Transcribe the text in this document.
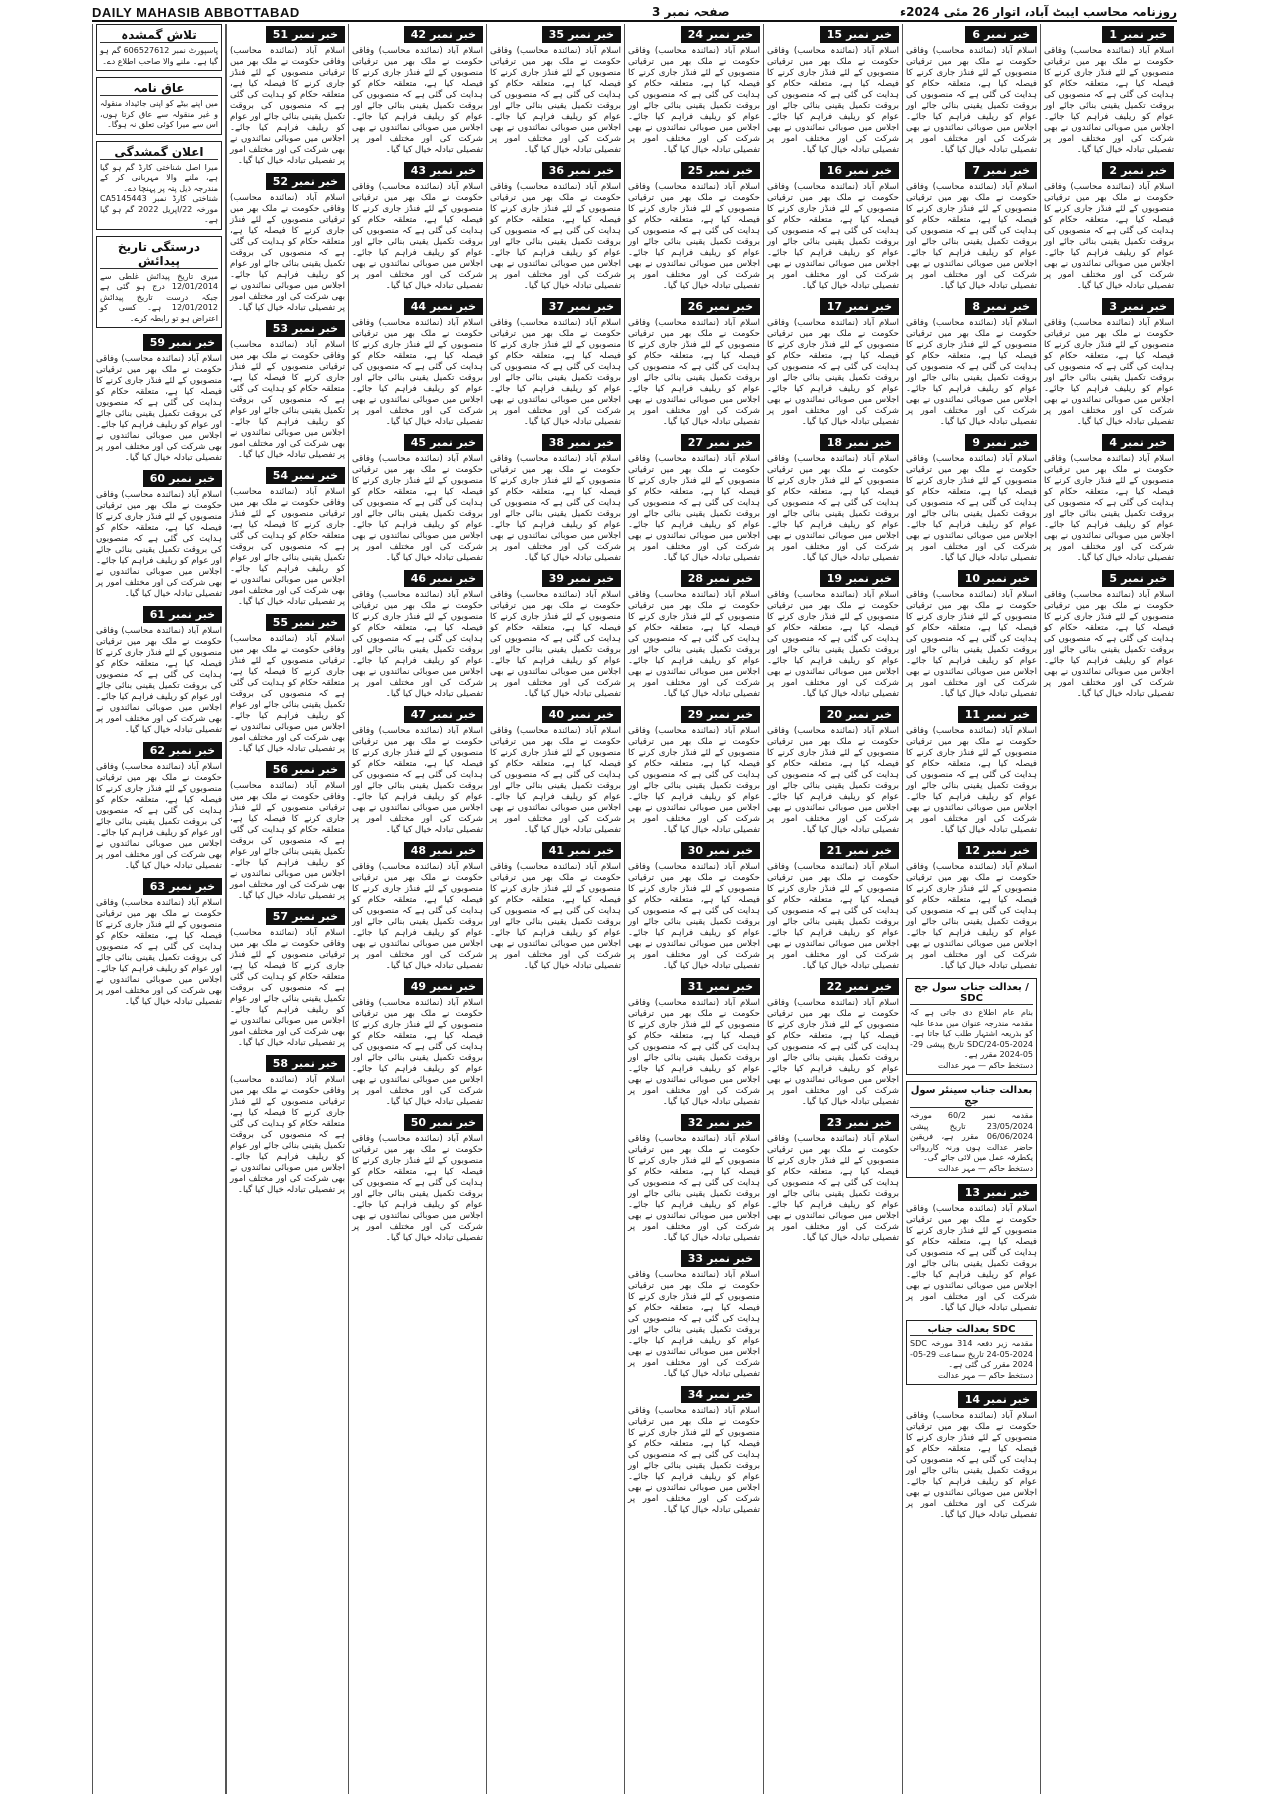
DAILY MAHASIB ABBOTTABAD	صفحہ نمبر 3	روزنامہ محاسب ایبٹ آباد، اتوار 26 مئی 2024ء
خبر نمبر
1
اسلام آباد (نمائندہ محاسب) وفاقی حکومت نے ملک بھر میں ترقیاتی منصوبوں کے لئے فنڈز جاری کرنے کا فیصلہ کیا ہے، متعلقہ حکام کو ہدایت کی گئی ہے کہ منصوبوں کی بروقت تکمیل یقینی بنائی جائے اور عوام کو ریلیف فراہم کیا جائے۔ اجلاس میں صوبائی نمائندوں نے بھی شرکت کی اور مختلف امور پر تفصیلی تبادلہ خیال کیا گیا۔
خبر نمبر
2
اسلام آباد (نمائندہ محاسب) وفاقی حکومت نے ملک بھر میں ترقیاتی منصوبوں کے لئے فنڈز جاری کرنے کا فیصلہ کیا ہے، متعلقہ حکام کو ہدایت کی گئی ہے کہ منصوبوں کی بروقت تکمیل یقینی بنائی جائے اور عوام کو ریلیف فراہم کیا جائے۔ اجلاس میں صوبائی نمائندوں نے بھی شرکت کی اور مختلف امور پر تفصیلی تبادلہ خیال کیا گیا۔
خبر نمبر
3
اسلام آباد (نمائندہ محاسب) وفاقی حکومت نے ملک بھر میں ترقیاتی منصوبوں کے لئے فنڈز جاری کرنے کا فیصلہ کیا ہے، متعلقہ حکام کو ہدایت کی گئی ہے کہ منصوبوں کی بروقت تکمیل یقینی بنائی جائے اور عوام کو ریلیف فراہم کیا جائے۔ اجلاس میں صوبائی نمائندوں نے بھی شرکت کی اور مختلف امور پر تفصیلی تبادلہ خیال کیا گیا۔
خبر نمبر
4
اسلام آباد (نمائندہ محاسب) وفاقی حکومت نے ملک بھر میں ترقیاتی منصوبوں کے لئے فنڈز جاری کرنے کا فیصلہ کیا ہے، متعلقہ حکام کو ہدایت کی گئی ہے کہ منصوبوں کی بروقت تکمیل یقینی بنائی جائے اور عوام کو ریلیف فراہم کیا جائے۔ اجلاس میں صوبائی نمائندوں نے بھی شرکت کی اور مختلف امور پر تفصیلی تبادلہ خیال کیا گیا۔
خبر نمبر
5
اسلام آباد (نمائندہ محاسب) وفاقی حکومت نے ملک بھر میں ترقیاتی منصوبوں کے لئے فنڈز جاری کرنے کا فیصلہ کیا ہے، متعلقہ حکام کو ہدایت کی گئی ہے کہ منصوبوں کی بروقت تکمیل یقینی بنائی جائے اور عوام کو ریلیف فراہم کیا جائے۔ اجلاس میں صوبائی نمائندوں نے بھی شرکت کی اور مختلف امور پر تفصیلی تبادلہ خیال کیا گیا۔
خبر نمبر
6
اسلام آباد (نمائندہ محاسب) وفاقی حکومت نے ملک بھر میں ترقیاتی منصوبوں کے لئے فنڈز جاری کرنے کا فیصلہ کیا ہے، متعلقہ حکام کو ہدایت کی گئی ہے کہ منصوبوں کی بروقت تکمیل یقینی بنائی جائے اور عوام کو ریلیف فراہم کیا جائے۔ اجلاس میں صوبائی نمائندوں نے بھی شرکت کی اور مختلف امور پر تفصیلی تبادلہ خیال کیا گیا۔
خبر نمبر
7
اسلام آباد (نمائندہ محاسب) وفاقی حکومت نے ملک بھر میں ترقیاتی منصوبوں کے لئے فنڈز جاری کرنے کا فیصلہ کیا ہے، متعلقہ حکام کو ہدایت کی گئی ہے کہ منصوبوں کی بروقت تکمیل یقینی بنائی جائے اور عوام کو ریلیف فراہم کیا جائے۔ اجلاس میں صوبائی نمائندوں نے بھی شرکت کی اور مختلف امور پر تفصیلی تبادلہ خیال کیا گیا۔
خبر نمبر
8
اسلام آباد (نمائندہ محاسب) وفاقی حکومت نے ملک بھر میں ترقیاتی منصوبوں کے لئے فنڈز جاری کرنے کا فیصلہ کیا ہے، متعلقہ حکام کو ہدایت کی گئی ہے کہ منصوبوں کی بروقت تکمیل یقینی بنائی جائے اور عوام کو ریلیف فراہم کیا جائے۔ اجلاس میں صوبائی نمائندوں نے بھی شرکت کی اور مختلف امور پر تفصیلی تبادلہ خیال کیا گیا۔
خبر نمبر
9
اسلام آباد (نمائندہ محاسب) وفاقی حکومت نے ملک بھر میں ترقیاتی منصوبوں کے لئے فنڈز جاری کرنے کا فیصلہ کیا ہے، متعلقہ حکام کو ہدایت کی گئی ہے کہ منصوبوں کی بروقت تکمیل یقینی بنائی جائے اور عوام کو ریلیف فراہم کیا جائے۔ اجلاس میں صوبائی نمائندوں نے بھی شرکت کی اور مختلف امور پر تفصیلی تبادلہ خیال کیا گیا۔
خبر نمبر
10
اسلام آباد (نمائندہ محاسب) وفاقی حکومت نے ملک بھر میں ترقیاتی منصوبوں کے لئے فنڈز جاری کرنے کا فیصلہ کیا ہے، متعلقہ حکام کو ہدایت کی گئی ہے کہ منصوبوں کی بروقت تکمیل یقینی بنائی جائے اور عوام کو ریلیف فراہم کیا جائے۔ اجلاس میں صوبائی نمائندوں نے بھی شرکت کی اور مختلف امور پر تفصیلی تبادلہ خیال کیا گیا۔
خبر نمبر
11
اسلام آباد (نمائندہ محاسب) وفاقی حکومت نے ملک بھر میں ترقیاتی منصوبوں کے لئے فنڈز جاری کرنے کا فیصلہ کیا ہے، متعلقہ حکام کو ہدایت کی گئی ہے کہ منصوبوں کی بروقت تکمیل یقینی بنائی جائے اور عوام کو ریلیف فراہم کیا جائے۔ اجلاس میں صوبائی نمائندوں نے بھی شرکت کی اور مختلف امور پر تفصیلی تبادلہ خیال کیا گیا۔
خبر نمبر
12
اسلام آباد (نمائندہ محاسب) وفاقی حکومت نے ملک بھر میں ترقیاتی منصوبوں کے لئے فنڈز جاری کرنے کا فیصلہ کیا ہے، متعلقہ حکام کو ہدایت کی گئی ہے کہ منصوبوں کی بروقت تکمیل یقینی بنائی جائے اور عوام کو ریلیف فراہم کیا جائے۔ اجلاس میں صوبائی نمائندوں نے بھی شرکت کی اور مختلف امور پر تفصیلی تبادلہ خیال کیا گیا۔
بعدالت جناب سول جج / SDC
بنام عام اطلاع دی جاتی ہے کہ مقدمہ مندرجہ عنوان میں مدعا علیہ کو بذریعہ اشتہار طلب کیا جاتا ہے۔ SDC/24-05-2024 تاریخ پیشی 29-05-2024 مقرر ہے۔
دستخط حاکم — مہر عدالت
بعدالت جناب سینئر سول جج
مقدمہ نمبر 60/2 مورخہ 23/05/2024 تاریخ پیشی 06/06/2024 مقرر ہے، فریقین حاضر عدالت ہوں ورنہ کارروائی یکطرفہ عمل میں لائی جائے گی۔
دستخط حاکم — مہر عدالت
خبر نمبر
13
اسلام آباد (نمائندہ محاسب) وفاقی حکومت نے ملک بھر میں ترقیاتی منصوبوں کے لئے فنڈز جاری کرنے کا فیصلہ کیا ہے، متعلقہ حکام کو ہدایت کی گئی ہے کہ منصوبوں کی بروقت تکمیل یقینی بنائی جائے اور عوام کو ریلیف فراہم کیا جائے۔ اجلاس میں صوبائی نمائندوں نے بھی شرکت کی اور مختلف امور پر تفصیلی تبادلہ خیال کیا گیا۔
بعدالت جناب SDC
مقدمہ زیر دفعہ 314 مورخہ SDC 24-05-2024 تاریخ سماعت 29-05-2024 مقرر کی گئی ہے۔
دستخط حاکم — مہر عدالت
خبر نمبر
14
اسلام آباد (نمائندہ محاسب) وفاقی حکومت نے ملک بھر میں ترقیاتی منصوبوں کے لئے فنڈز جاری کرنے کا فیصلہ کیا ہے، متعلقہ حکام کو ہدایت کی گئی ہے کہ منصوبوں کی بروقت تکمیل یقینی بنائی جائے اور عوام کو ریلیف فراہم کیا جائے۔ اجلاس میں صوبائی نمائندوں نے بھی شرکت کی اور مختلف امور پر تفصیلی تبادلہ خیال کیا گیا۔
خبر نمبر
15
اسلام آباد (نمائندہ محاسب) وفاقی حکومت نے ملک بھر میں ترقیاتی منصوبوں کے لئے فنڈز جاری کرنے کا فیصلہ کیا ہے، متعلقہ حکام کو ہدایت کی گئی ہے کہ منصوبوں کی بروقت تکمیل یقینی بنائی جائے اور عوام کو ریلیف فراہم کیا جائے۔ اجلاس میں صوبائی نمائندوں نے بھی شرکت کی اور مختلف امور پر تفصیلی تبادلہ خیال کیا گیا۔
خبر نمبر
16
اسلام آباد (نمائندہ محاسب) وفاقی حکومت نے ملک بھر میں ترقیاتی منصوبوں کے لئے فنڈز جاری کرنے کا فیصلہ کیا ہے، متعلقہ حکام کو ہدایت کی گئی ہے کہ منصوبوں کی بروقت تکمیل یقینی بنائی جائے اور عوام کو ریلیف فراہم کیا جائے۔ اجلاس میں صوبائی نمائندوں نے بھی شرکت کی اور مختلف امور پر تفصیلی تبادلہ خیال کیا گیا۔
خبر نمبر
17
اسلام آباد (نمائندہ محاسب) وفاقی حکومت نے ملک بھر میں ترقیاتی منصوبوں کے لئے فنڈز جاری کرنے کا فیصلہ کیا ہے، متعلقہ حکام کو ہدایت کی گئی ہے کہ منصوبوں کی بروقت تکمیل یقینی بنائی جائے اور عوام کو ریلیف فراہم کیا جائے۔ اجلاس میں صوبائی نمائندوں نے بھی شرکت کی اور مختلف امور پر تفصیلی تبادلہ خیال کیا گیا۔
خبر نمبر
18
اسلام آباد (نمائندہ محاسب) وفاقی حکومت نے ملک بھر میں ترقیاتی منصوبوں کے لئے فنڈز جاری کرنے کا فیصلہ کیا ہے، متعلقہ حکام کو ہدایت کی گئی ہے کہ منصوبوں کی بروقت تکمیل یقینی بنائی جائے اور عوام کو ریلیف فراہم کیا جائے۔ اجلاس میں صوبائی نمائندوں نے بھی شرکت کی اور مختلف امور پر تفصیلی تبادلہ خیال کیا گیا۔
خبر نمبر
19
اسلام آباد (نمائندہ محاسب) وفاقی حکومت نے ملک بھر میں ترقیاتی منصوبوں کے لئے فنڈز جاری کرنے کا فیصلہ کیا ہے، متعلقہ حکام کو ہدایت کی گئی ہے کہ منصوبوں کی بروقت تکمیل یقینی بنائی جائے اور عوام کو ریلیف فراہم کیا جائے۔ اجلاس میں صوبائی نمائندوں نے بھی شرکت کی اور مختلف امور پر تفصیلی تبادلہ خیال کیا گیا۔
خبر نمبر
20
اسلام آباد (نمائندہ محاسب) وفاقی حکومت نے ملک بھر میں ترقیاتی منصوبوں کے لئے فنڈز جاری کرنے کا فیصلہ کیا ہے، متعلقہ حکام کو ہدایت کی گئی ہے کہ منصوبوں کی بروقت تکمیل یقینی بنائی جائے اور عوام کو ریلیف فراہم کیا جائے۔ اجلاس میں صوبائی نمائندوں نے بھی شرکت کی اور مختلف امور پر تفصیلی تبادلہ خیال کیا گیا۔
خبر نمبر
21
اسلام آباد (نمائندہ محاسب) وفاقی حکومت نے ملک بھر میں ترقیاتی منصوبوں کے لئے فنڈز جاری کرنے کا فیصلہ کیا ہے، متعلقہ حکام کو ہدایت کی گئی ہے کہ منصوبوں کی بروقت تکمیل یقینی بنائی جائے اور عوام کو ریلیف فراہم کیا جائے۔ اجلاس میں صوبائی نمائندوں نے بھی شرکت کی اور مختلف امور پر تفصیلی تبادلہ خیال کیا گیا۔
خبر نمبر
22
اسلام آباد (نمائندہ محاسب) وفاقی حکومت نے ملک بھر میں ترقیاتی منصوبوں کے لئے فنڈز جاری کرنے کا فیصلہ کیا ہے، متعلقہ حکام کو ہدایت کی گئی ہے کہ منصوبوں کی بروقت تکمیل یقینی بنائی جائے اور عوام کو ریلیف فراہم کیا جائے۔ اجلاس میں صوبائی نمائندوں نے بھی شرکت کی اور مختلف امور پر تفصیلی تبادلہ خیال کیا گیا۔
خبر نمبر
23
اسلام آباد (نمائندہ محاسب) وفاقی حکومت نے ملک بھر میں ترقیاتی منصوبوں کے لئے فنڈز جاری کرنے کا فیصلہ کیا ہے، متعلقہ حکام کو ہدایت کی گئی ہے کہ منصوبوں کی بروقت تکمیل یقینی بنائی جائے اور عوام کو ریلیف فراہم کیا جائے۔ اجلاس میں صوبائی نمائندوں نے بھی شرکت کی اور مختلف امور پر تفصیلی تبادلہ خیال کیا گیا۔
خبر نمبر
24
اسلام آباد (نمائندہ محاسب) وفاقی حکومت نے ملک بھر میں ترقیاتی منصوبوں کے لئے فنڈز جاری کرنے کا فیصلہ کیا ہے، متعلقہ حکام کو ہدایت کی گئی ہے کہ منصوبوں کی بروقت تکمیل یقینی بنائی جائے اور عوام کو ریلیف فراہم کیا جائے۔ اجلاس میں صوبائی نمائندوں نے بھی شرکت کی اور مختلف امور پر تفصیلی تبادلہ خیال کیا گیا۔
خبر نمبر
25
اسلام آباد (نمائندہ محاسب) وفاقی حکومت نے ملک بھر میں ترقیاتی منصوبوں کے لئے فنڈز جاری کرنے کا فیصلہ کیا ہے، متعلقہ حکام کو ہدایت کی گئی ہے کہ منصوبوں کی بروقت تکمیل یقینی بنائی جائے اور عوام کو ریلیف فراہم کیا جائے۔ اجلاس میں صوبائی نمائندوں نے بھی شرکت کی اور مختلف امور پر تفصیلی تبادلہ خیال کیا گیا۔
خبر نمبر
26
اسلام آباد (نمائندہ محاسب) وفاقی حکومت نے ملک بھر میں ترقیاتی منصوبوں کے لئے فنڈز جاری کرنے کا فیصلہ کیا ہے، متعلقہ حکام کو ہدایت کی گئی ہے کہ منصوبوں کی بروقت تکمیل یقینی بنائی جائے اور عوام کو ریلیف فراہم کیا جائے۔ اجلاس میں صوبائی نمائندوں نے بھی شرکت کی اور مختلف امور پر تفصیلی تبادلہ خیال کیا گیا۔
خبر نمبر
27
اسلام آباد (نمائندہ محاسب) وفاقی حکومت نے ملک بھر میں ترقیاتی منصوبوں کے لئے فنڈز جاری کرنے کا فیصلہ کیا ہے، متعلقہ حکام کو ہدایت کی گئی ہے کہ منصوبوں کی بروقت تکمیل یقینی بنائی جائے اور عوام کو ریلیف فراہم کیا جائے۔ اجلاس میں صوبائی نمائندوں نے بھی شرکت کی اور مختلف امور پر تفصیلی تبادلہ خیال کیا گیا۔
خبر نمبر
28
اسلام آباد (نمائندہ محاسب) وفاقی حکومت نے ملک بھر میں ترقیاتی منصوبوں کے لئے فنڈز جاری کرنے کا فیصلہ کیا ہے، متعلقہ حکام کو ہدایت کی گئی ہے کہ منصوبوں کی بروقت تکمیل یقینی بنائی جائے اور عوام کو ریلیف فراہم کیا جائے۔ اجلاس میں صوبائی نمائندوں نے بھی شرکت کی اور مختلف امور پر تفصیلی تبادلہ خیال کیا گیا۔
خبر نمبر
29
اسلام آباد (نمائندہ محاسب) وفاقی حکومت نے ملک بھر میں ترقیاتی منصوبوں کے لئے فنڈز جاری کرنے کا فیصلہ کیا ہے، متعلقہ حکام کو ہدایت کی گئی ہے کہ منصوبوں کی بروقت تکمیل یقینی بنائی جائے اور عوام کو ریلیف فراہم کیا جائے۔ اجلاس میں صوبائی نمائندوں نے بھی شرکت کی اور مختلف امور پر تفصیلی تبادلہ خیال کیا گیا۔
خبر نمبر
30
اسلام آباد (نمائندہ محاسب) وفاقی حکومت نے ملک بھر میں ترقیاتی منصوبوں کے لئے فنڈز جاری کرنے کا فیصلہ کیا ہے، متعلقہ حکام کو ہدایت کی گئی ہے کہ منصوبوں کی بروقت تکمیل یقینی بنائی جائے اور عوام کو ریلیف فراہم کیا جائے۔ اجلاس میں صوبائی نمائندوں نے بھی شرکت کی اور مختلف امور پر تفصیلی تبادلہ خیال کیا گیا۔
خبر نمبر
31
اسلام آباد (نمائندہ محاسب) وفاقی حکومت نے ملک بھر میں ترقیاتی منصوبوں کے لئے فنڈز جاری کرنے کا فیصلہ کیا ہے، متعلقہ حکام کو ہدایت کی گئی ہے کہ منصوبوں کی بروقت تکمیل یقینی بنائی جائے اور عوام کو ریلیف فراہم کیا جائے۔ اجلاس میں صوبائی نمائندوں نے بھی شرکت کی اور مختلف امور پر تفصیلی تبادلہ خیال کیا گیا۔
خبر نمبر
32
اسلام آباد (نمائندہ محاسب) وفاقی حکومت نے ملک بھر میں ترقیاتی منصوبوں کے لئے فنڈز جاری کرنے کا فیصلہ کیا ہے، متعلقہ حکام کو ہدایت کی گئی ہے کہ منصوبوں کی بروقت تکمیل یقینی بنائی جائے اور عوام کو ریلیف فراہم کیا جائے۔ اجلاس میں صوبائی نمائندوں نے بھی شرکت کی اور مختلف امور پر تفصیلی تبادلہ خیال کیا گیا۔
خبر نمبر
33
اسلام آباد (نمائندہ محاسب) وفاقی حکومت نے ملک بھر میں ترقیاتی منصوبوں کے لئے فنڈز جاری کرنے کا فیصلہ کیا ہے، متعلقہ حکام کو ہدایت کی گئی ہے کہ منصوبوں کی بروقت تکمیل یقینی بنائی جائے اور عوام کو ریلیف فراہم کیا جائے۔ اجلاس میں صوبائی نمائندوں نے بھی شرکت کی اور مختلف امور پر تفصیلی تبادلہ خیال کیا گیا۔
خبر نمبر
34
اسلام آباد (نمائندہ محاسب) وفاقی حکومت نے ملک بھر میں ترقیاتی منصوبوں کے لئے فنڈز جاری کرنے کا فیصلہ کیا ہے، متعلقہ حکام کو ہدایت کی گئی ہے کہ منصوبوں کی بروقت تکمیل یقینی بنائی جائے اور عوام کو ریلیف فراہم کیا جائے۔ اجلاس میں صوبائی نمائندوں نے بھی شرکت کی اور مختلف امور پر تفصیلی تبادلہ خیال کیا گیا۔
خبر نمبر
35
اسلام آباد (نمائندہ محاسب) وفاقی حکومت نے ملک بھر میں ترقیاتی منصوبوں کے لئے فنڈز جاری کرنے کا فیصلہ کیا ہے، متعلقہ حکام کو ہدایت کی گئی ہے کہ منصوبوں کی بروقت تکمیل یقینی بنائی جائے اور عوام کو ریلیف فراہم کیا جائے۔ اجلاس میں صوبائی نمائندوں نے بھی شرکت کی اور مختلف امور پر تفصیلی تبادلہ خیال کیا گیا۔
خبر نمبر
36
اسلام آباد (نمائندہ محاسب) وفاقی حکومت نے ملک بھر میں ترقیاتی منصوبوں کے لئے فنڈز جاری کرنے کا فیصلہ کیا ہے، متعلقہ حکام کو ہدایت کی گئی ہے کہ منصوبوں کی بروقت تکمیل یقینی بنائی جائے اور عوام کو ریلیف فراہم کیا جائے۔ اجلاس میں صوبائی نمائندوں نے بھی شرکت کی اور مختلف امور پر تفصیلی تبادلہ خیال کیا گیا۔
خبر نمبر
37
اسلام آباد (نمائندہ محاسب) وفاقی حکومت نے ملک بھر میں ترقیاتی منصوبوں کے لئے فنڈز جاری کرنے کا فیصلہ کیا ہے، متعلقہ حکام کو ہدایت کی گئی ہے کہ منصوبوں کی بروقت تکمیل یقینی بنائی جائے اور عوام کو ریلیف فراہم کیا جائے۔ اجلاس میں صوبائی نمائندوں نے بھی شرکت کی اور مختلف امور پر تفصیلی تبادلہ خیال کیا گیا۔
خبر نمبر
38
اسلام آباد (نمائندہ محاسب) وفاقی حکومت نے ملک بھر میں ترقیاتی منصوبوں کے لئے فنڈز جاری کرنے کا فیصلہ کیا ہے، متعلقہ حکام کو ہدایت کی گئی ہے کہ منصوبوں کی بروقت تکمیل یقینی بنائی جائے اور عوام کو ریلیف فراہم کیا جائے۔ اجلاس میں صوبائی نمائندوں نے بھی شرکت کی اور مختلف امور پر تفصیلی تبادلہ خیال کیا گیا۔
خبر نمبر
39
اسلام آباد (نمائندہ محاسب) وفاقی حکومت نے ملک بھر میں ترقیاتی منصوبوں کے لئے فنڈز جاری کرنے کا فیصلہ کیا ہے، متعلقہ حکام کو ہدایت کی گئی ہے کہ منصوبوں کی بروقت تکمیل یقینی بنائی جائے اور عوام کو ریلیف فراہم کیا جائے۔ اجلاس میں صوبائی نمائندوں نے بھی شرکت کی اور مختلف امور پر تفصیلی تبادلہ خیال کیا گیا۔
خبر نمبر
40
اسلام آباد (نمائندہ محاسب) وفاقی حکومت نے ملک بھر میں ترقیاتی منصوبوں کے لئے فنڈز جاری کرنے کا فیصلہ کیا ہے، متعلقہ حکام کو ہدایت کی گئی ہے کہ منصوبوں کی بروقت تکمیل یقینی بنائی جائے اور عوام کو ریلیف فراہم کیا جائے۔ اجلاس میں صوبائی نمائندوں نے بھی شرکت کی اور مختلف امور پر تفصیلی تبادلہ خیال کیا گیا۔
خبر نمبر
41
اسلام آباد (نمائندہ محاسب) وفاقی حکومت نے ملک بھر میں ترقیاتی منصوبوں کے لئے فنڈز جاری کرنے کا فیصلہ کیا ہے، متعلقہ حکام کو ہدایت کی گئی ہے کہ منصوبوں کی بروقت تکمیل یقینی بنائی جائے اور عوام کو ریلیف فراہم کیا جائے۔ اجلاس میں صوبائی نمائندوں نے بھی شرکت کی اور مختلف امور پر تفصیلی تبادلہ خیال کیا گیا۔
خبر نمبر
42
اسلام آباد (نمائندہ محاسب) وفاقی حکومت نے ملک بھر میں ترقیاتی منصوبوں کے لئے فنڈز جاری کرنے کا فیصلہ کیا ہے، متعلقہ حکام کو ہدایت کی گئی ہے کہ منصوبوں کی بروقت تکمیل یقینی بنائی جائے اور عوام کو ریلیف فراہم کیا جائے۔ اجلاس میں صوبائی نمائندوں نے بھی شرکت کی اور مختلف امور پر تفصیلی تبادلہ خیال کیا گیا۔
خبر نمبر
43
اسلام آباد (نمائندہ محاسب) وفاقی حکومت نے ملک بھر میں ترقیاتی منصوبوں کے لئے فنڈز جاری کرنے کا فیصلہ کیا ہے، متعلقہ حکام کو ہدایت کی گئی ہے کہ منصوبوں کی بروقت تکمیل یقینی بنائی جائے اور عوام کو ریلیف فراہم کیا جائے۔ اجلاس میں صوبائی نمائندوں نے بھی شرکت کی اور مختلف امور پر تفصیلی تبادلہ خیال کیا گیا۔
خبر نمبر
44
اسلام آباد (نمائندہ محاسب) وفاقی حکومت نے ملک بھر میں ترقیاتی منصوبوں کے لئے فنڈز جاری کرنے کا فیصلہ کیا ہے، متعلقہ حکام کو ہدایت کی گئی ہے کہ منصوبوں کی بروقت تکمیل یقینی بنائی جائے اور عوام کو ریلیف فراہم کیا جائے۔ اجلاس میں صوبائی نمائندوں نے بھی شرکت کی اور مختلف امور پر تفصیلی تبادلہ خیال کیا گیا۔
خبر نمبر
45
اسلام آباد (نمائندہ محاسب) وفاقی حکومت نے ملک بھر میں ترقیاتی منصوبوں کے لئے فنڈز جاری کرنے کا فیصلہ کیا ہے، متعلقہ حکام کو ہدایت کی گئی ہے کہ منصوبوں کی بروقت تکمیل یقینی بنائی جائے اور عوام کو ریلیف فراہم کیا جائے۔ اجلاس میں صوبائی نمائندوں نے بھی شرکت کی اور مختلف امور پر تفصیلی تبادلہ خیال کیا گیا۔
خبر نمبر
46
اسلام آباد (نمائندہ محاسب) وفاقی حکومت نے ملک بھر میں ترقیاتی منصوبوں کے لئے فنڈز جاری کرنے کا فیصلہ کیا ہے، متعلقہ حکام کو ہدایت کی گئی ہے کہ منصوبوں کی بروقت تکمیل یقینی بنائی جائے اور عوام کو ریلیف فراہم کیا جائے۔ اجلاس میں صوبائی نمائندوں نے بھی شرکت کی اور مختلف امور پر تفصیلی تبادلہ خیال کیا گیا۔
خبر نمبر
47
اسلام آباد (نمائندہ محاسب) وفاقی حکومت نے ملک بھر میں ترقیاتی منصوبوں کے لئے فنڈز جاری کرنے کا فیصلہ کیا ہے، متعلقہ حکام کو ہدایت کی گئی ہے کہ منصوبوں کی بروقت تکمیل یقینی بنائی جائے اور عوام کو ریلیف فراہم کیا جائے۔ اجلاس میں صوبائی نمائندوں نے بھی شرکت کی اور مختلف امور پر تفصیلی تبادلہ خیال کیا گیا۔
خبر نمبر
48
اسلام آباد (نمائندہ محاسب) وفاقی حکومت نے ملک بھر میں ترقیاتی منصوبوں کے لئے فنڈز جاری کرنے کا فیصلہ کیا ہے، متعلقہ حکام کو ہدایت کی گئی ہے کہ منصوبوں کی بروقت تکمیل یقینی بنائی جائے اور عوام کو ریلیف فراہم کیا جائے۔ اجلاس میں صوبائی نمائندوں نے بھی شرکت کی اور مختلف امور پر تفصیلی تبادلہ خیال کیا گیا۔
خبر نمبر
49
اسلام آباد (نمائندہ محاسب) وفاقی حکومت نے ملک بھر میں ترقیاتی منصوبوں کے لئے فنڈز جاری کرنے کا فیصلہ کیا ہے، متعلقہ حکام کو ہدایت کی گئی ہے کہ منصوبوں کی بروقت تکمیل یقینی بنائی جائے اور عوام کو ریلیف فراہم کیا جائے۔ اجلاس میں صوبائی نمائندوں نے بھی شرکت کی اور مختلف امور پر تفصیلی تبادلہ خیال کیا گیا۔
خبر نمبر
50
اسلام آباد (نمائندہ محاسب) وفاقی حکومت نے ملک بھر میں ترقیاتی منصوبوں کے لئے فنڈز جاری کرنے کا فیصلہ کیا ہے، متعلقہ حکام کو ہدایت کی گئی ہے کہ منصوبوں کی بروقت تکمیل یقینی بنائی جائے اور عوام کو ریلیف فراہم کیا جائے۔ اجلاس میں صوبائی نمائندوں نے بھی شرکت کی اور مختلف امور پر تفصیلی تبادلہ خیال کیا گیا۔
خبر نمبر
51
اسلام آباد (نمائندہ محاسب) وفاقی حکومت نے ملک بھر میں ترقیاتی منصوبوں کے لئے فنڈز جاری کرنے کا فیصلہ کیا ہے، متعلقہ حکام کو ہدایت کی گئی ہے کہ منصوبوں کی بروقت تکمیل یقینی بنائی جائے اور عوام کو ریلیف فراہم کیا جائے۔ اجلاس میں صوبائی نمائندوں نے بھی شرکت کی اور مختلف امور پر تفصیلی تبادلہ خیال کیا گیا۔
خبر نمبر
52
اسلام آباد (نمائندہ محاسب) وفاقی حکومت نے ملک بھر میں ترقیاتی منصوبوں کے لئے فنڈز جاری کرنے کا فیصلہ کیا ہے، متعلقہ حکام کو ہدایت کی گئی ہے کہ منصوبوں کی بروقت تکمیل یقینی بنائی جائے اور عوام کو ریلیف فراہم کیا جائے۔ اجلاس میں صوبائی نمائندوں نے بھی شرکت کی اور مختلف امور پر تفصیلی تبادلہ خیال کیا گیا۔
خبر نمبر
53
اسلام آباد (نمائندہ محاسب) وفاقی حکومت نے ملک بھر میں ترقیاتی منصوبوں کے لئے فنڈز جاری کرنے کا فیصلہ کیا ہے، متعلقہ حکام کو ہدایت کی گئی ہے کہ منصوبوں کی بروقت تکمیل یقینی بنائی جائے اور عوام کو ریلیف فراہم کیا جائے۔ اجلاس میں صوبائی نمائندوں نے بھی شرکت کی اور مختلف امور پر تفصیلی تبادلہ خیال کیا گیا۔
خبر نمبر
54
اسلام آباد (نمائندہ محاسب) وفاقی حکومت نے ملک بھر میں ترقیاتی منصوبوں کے لئے فنڈز جاری کرنے کا فیصلہ کیا ہے، متعلقہ حکام کو ہدایت کی گئی ہے کہ منصوبوں کی بروقت تکمیل یقینی بنائی جائے اور عوام کو ریلیف فراہم کیا جائے۔ اجلاس میں صوبائی نمائندوں نے بھی شرکت کی اور مختلف امور پر تفصیلی تبادلہ خیال کیا گیا۔
خبر نمبر
55
اسلام آباد (نمائندہ محاسب) وفاقی حکومت نے ملک بھر میں ترقیاتی منصوبوں کے لئے فنڈز جاری کرنے کا فیصلہ کیا ہے، متعلقہ حکام کو ہدایت کی گئی ہے کہ منصوبوں کی بروقت تکمیل یقینی بنائی جائے اور عوام کو ریلیف فراہم کیا جائے۔ اجلاس میں صوبائی نمائندوں نے بھی شرکت کی اور مختلف امور پر تفصیلی تبادلہ خیال کیا گیا۔
خبر نمبر
56
اسلام آباد (نمائندہ محاسب) وفاقی حکومت نے ملک بھر میں ترقیاتی منصوبوں کے لئے فنڈز جاری کرنے کا فیصلہ کیا ہے، متعلقہ حکام کو ہدایت کی گئی ہے کہ منصوبوں کی بروقت تکمیل یقینی بنائی جائے اور عوام کو ریلیف فراہم کیا جائے۔ اجلاس میں صوبائی نمائندوں نے بھی شرکت کی اور مختلف امور پر تفصیلی تبادلہ خیال کیا گیا۔
خبر نمبر
57
اسلام آباد (نمائندہ محاسب) وفاقی حکومت نے ملک بھر میں ترقیاتی منصوبوں کے لئے فنڈز جاری کرنے کا فیصلہ کیا ہے، متعلقہ حکام کو ہدایت کی گئی ہے کہ منصوبوں کی بروقت تکمیل یقینی بنائی جائے اور عوام کو ریلیف فراہم کیا جائے۔ اجلاس میں صوبائی نمائندوں نے بھی شرکت کی اور مختلف امور پر تفصیلی تبادلہ خیال کیا گیا۔
خبر نمبر
58
اسلام آباد (نمائندہ محاسب) وفاقی حکومت نے ملک بھر میں ترقیاتی منصوبوں کے لئے فنڈز جاری کرنے کا فیصلہ کیا ہے، متعلقہ حکام کو ہدایت کی گئی ہے کہ منصوبوں کی بروقت تکمیل یقینی بنائی جائے اور عوام کو ریلیف فراہم کیا جائے۔ اجلاس میں صوبائی نمائندوں نے بھی شرکت کی اور مختلف امور پر تفصیلی تبادلہ خیال کیا گیا۔
تلاش گمشدہ
پاسپورٹ نمبر 606527612 گم ہو گیا ہے۔ ملنے والا صاحب اطلاع دے۔
عاق نامہ
میں اپنے بیٹے کو اپنی جائیداد منقولہ و غیر منقولہ سے عاق کرتا ہوں، اس سے میرا کوئی تعلق نہ ہوگا۔
اعلان گمشدگی
میرا اصل شناختی کارڈ گم ہو گیا ہے، ملنے والا مہربانی کر کے مندرجہ ذیل پتہ پر پہنچا دے۔
شناختی کارڈ نمبر CA5145443 مورخہ 22/اپریل 2022 گم ہو گیا ہے۔
درستگی تاریخ پیدائش
میری تاریخ پیدائش غلطی سے 12/01/2014 درج ہو گئی ہے جبکہ درست تاریخ پیدائش 12/01/2012 ہے۔ کسی کو اعتراض ہو تو رابطہ کرے۔
خبر نمبر
59
اسلام آباد (نمائندہ محاسب) وفاقی حکومت نے ملک بھر میں ترقیاتی منصوبوں کے لئے فنڈز جاری کرنے کا فیصلہ کیا ہے، متعلقہ حکام کو ہدایت کی گئی ہے کہ منصوبوں کی بروقت تکمیل یقینی بنائی جائے اور عوام کو ریلیف فراہم کیا جائے۔ اجلاس میں صوبائی نمائندوں نے بھی شرکت کی اور مختلف امور پر تفصیلی تبادلہ خیال کیا گیا۔
خبر نمبر
60
اسلام آباد (نمائندہ محاسب) وفاقی حکومت نے ملک بھر میں ترقیاتی منصوبوں کے لئے فنڈز جاری کرنے کا فیصلہ کیا ہے، متعلقہ حکام کو ہدایت کی گئی ہے کہ منصوبوں کی بروقت تکمیل یقینی بنائی جائے اور عوام کو ریلیف فراہم کیا جائے۔ اجلاس میں صوبائی نمائندوں نے بھی شرکت کی اور مختلف امور پر تفصیلی تبادلہ خیال کیا گیا۔
خبر نمبر
61
اسلام آباد (نمائندہ محاسب) وفاقی حکومت نے ملک بھر میں ترقیاتی منصوبوں کے لئے فنڈز جاری کرنے کا فیصلہ کیا ہے، متعلقہ حکام کو ہدایت کی گئی ہے کہ منصوبوں کی بروقت تکمیل یقینی بنائی جائے اور عوام کو ریلیف فراہم کیا جائے۔ اجلاس میں صوبائی نمائندوں نے بھی شرکت کی اور مختلف امور پر تفصیلی تبادلہ خیال کیا گیا۔
خبر نمبر
62
اسلام آباد (نمائندہ محاسب) وفاقی حکومت نے ملک بھر میں ترقیاتی منصوبوں کے لئے فنڈز جاری کرنے کا فیصلہ کیا ہے، متعلقہ حکام کو ہدایت کی گئی ہے کہ منصوبوں کی بروقت تکمیل یقینی بنائی جائے اور عوام کو ریلیف فراہم کیا جائے۔ اجلاس میں صوبائی نمائندوں نے بھی شرکت کی اور مختلف امور پر تفصیلی تبادلہ خیال کیا گیا۔
خبر نمبر
63
اسلام آباد (نمائندہ محاسب) وفاقی حکومت نے ملک بھر میں ترقیاتی منصوبوں کے لئے فنڈز جاری کرنے کا فیصلہ کیا ہے، متعلقہ حکام کو ہدایت کی گئی ہے کہ منصوبوں کی بروقت تکمیل یقینی بنائی جائے اور عوام کو ریلیف فراہم کیا جائے۔ اجلاس میں صوبائی نمائندوں نے بھی شرکت کی اور مختلف امور پر تفصیلی تبادلہ خیال کیا گیا۔
